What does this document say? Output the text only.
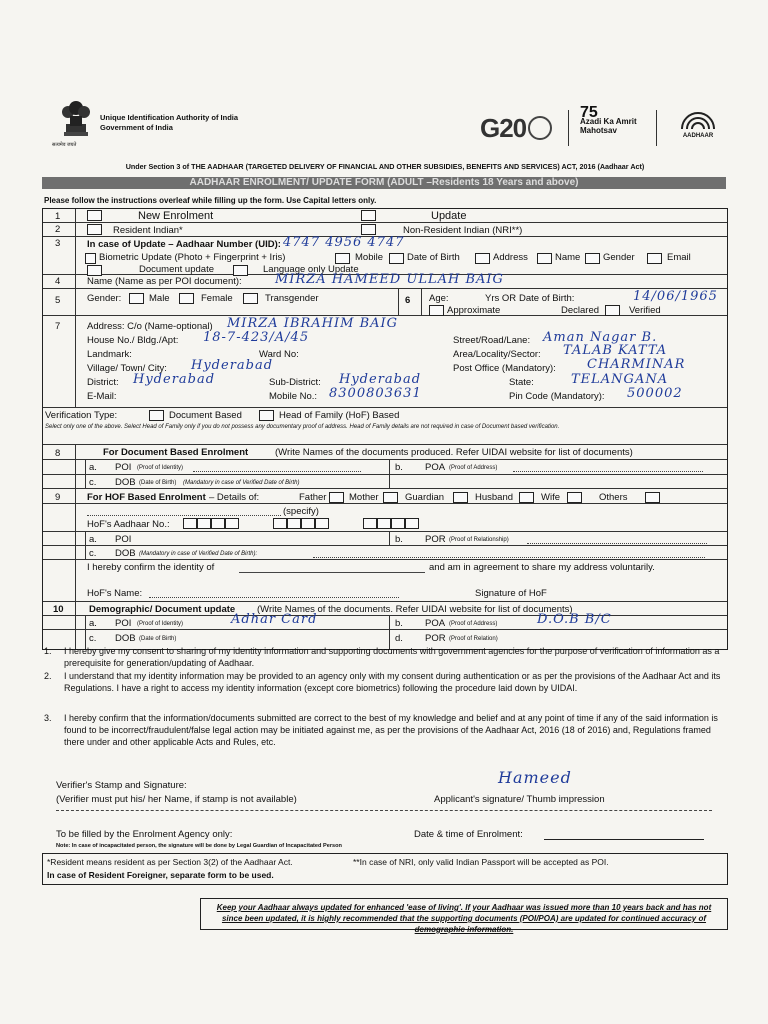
सत्यमेव जयते
Unique Identification Authority of India
Government of India	G20
75
Azadi Ka Amrit Mahotsav
AADHAAR
Under Section 3 of THE AADHAAR (TARGETED DELIVERY OF FINANCIAL AND OTHER SUBSIDIES, BENEFITS AND SERVICES) ACT, 2016 (Aadhaar Act)
AADHAAR ENROLMENT/ UPDATE FORM (ADULT –Residents 18 Years and above)
Please follow the instructions overleaf while filling up the form. Use Capital letters only.
1	New Enrolment	Update
2	Resident Indian*	Non-Resident Indian (NRI**)
3	In case of Update – Aadhaar Number (UID): 4747 4956 4747
Biometric Update (Photo + Fingerprint + Iris)	Mobile	Date of Birth	Address	Name Gender	Email
Document update	Language only Update
4	Name (Name as per POI document):	MIRZA HAMEED ULLAH BAIG
5	Gender:	Male	Female	Transgender	6 Age:	Yrs OR Date of Birth:	14/06/1965
Approximate	Declared	Verified
7	Address: C/o (Name-optional) MIRZA IBRAHIM BAIG
House No./ Bldg./Apt: 18-7-423/A/45	Street/Road/Lane: Aman Nagar B.
Landmark:	Ward No:	Area/Locality/Sector: TALAB KATTA
Village/ Town/ City: Hyderabad	Post Office (Mandatory): CHARMINAR
District: Hyderabad	Sub-District: Hyderabad	State:	TELANGANA
E-Mail:	Mobile No.: 8300803631	Pin Code (Mandatory): 500002
Verification Type:	Document Based	Head of Family (HoF) Based
Select only one of the above. Select Head of Family only if you do not possess any documentary proof of address. Head of Family details are not required in case of Document based verification.
8	For Document Based Enrolment	(Write Names of the documents produced. Refer UIDAI website for list of documents)
a. POI (Proof of Identity)	b. POA (Proof of Address)
c. DOB (Date of Birth) (Mandatory in case of Verified Date of Birth)
9	For HOF Based Enrolment – Details of:	Father Mother	Guardian	Husband	Wife	Others
(specify)
HoF's Aadhaar No.:
a. POI	b. POR (Proof of Relationship)
c. DOB (Mandatory in case of Verified Date of Birth):
I hereby confirm the identity of	and am in agreement to share my address voluntarily.
HoF's Name:	Signature of HoF
10	Demographic/ Document update (Write Names of the documents. Refer UIDAI website for list of documents)
a. POI (Proof of Identity)	Adhar Card	b. POA (Proof of Address)	D.O.B B/C
c. DOB (Date of Birth)	d. POR (Proof of Relation)
1. I hereby give my consent to sharing of my identity information and supporting documents with government agencies for the purpose of verification of information as a prerequisite for generation/updating of Aadhaar.
2. I understand that my identity information may be provided to an agency only with my consent during authentication or as per the provisions of the Aadhaar Act and its Regulations. I have a right to access my identity information (except core biometrics) following the procedure laid down by UIDAI.
3. I hereby confirm that the information/documents submitted are correct to the best of my knowledge and belief and at any point of time if any of the said information is found to be incorrect/fraudulent/false legal action may be initiated against me, as per the provisions of the Aadhaar Act, 2016 (18 of 2016) and, Regulations framed there under and other applicable Acts and Rules, etc.
Verifier's Stamp and Signature:
(Verifier must put his/ her Name, if stamp is not available)
Hameed
Applicant's signature/ Thumb impression
To be filled by the Enrolment Agency only:	Date & time of Enrolment:
Note: In case of incapacitated person, the signature will be done by Legal Guardian of Incapacitated Person
*Resident means resident as per Section 3(2) of the Aadhaar Act.	**In case of NRI, only valid Indian Passport will be accepted as POI.
In case of Resident Foreigner, separate form to be used.
Keep your Aadhaar always updated for enhanced 'ease of living'. If your Aadhaar was issued more than 10 years back and has not since been updated, it is highly recommended that the supporting documents (POI/POA) are updated for continued accuracy of demographic information.
